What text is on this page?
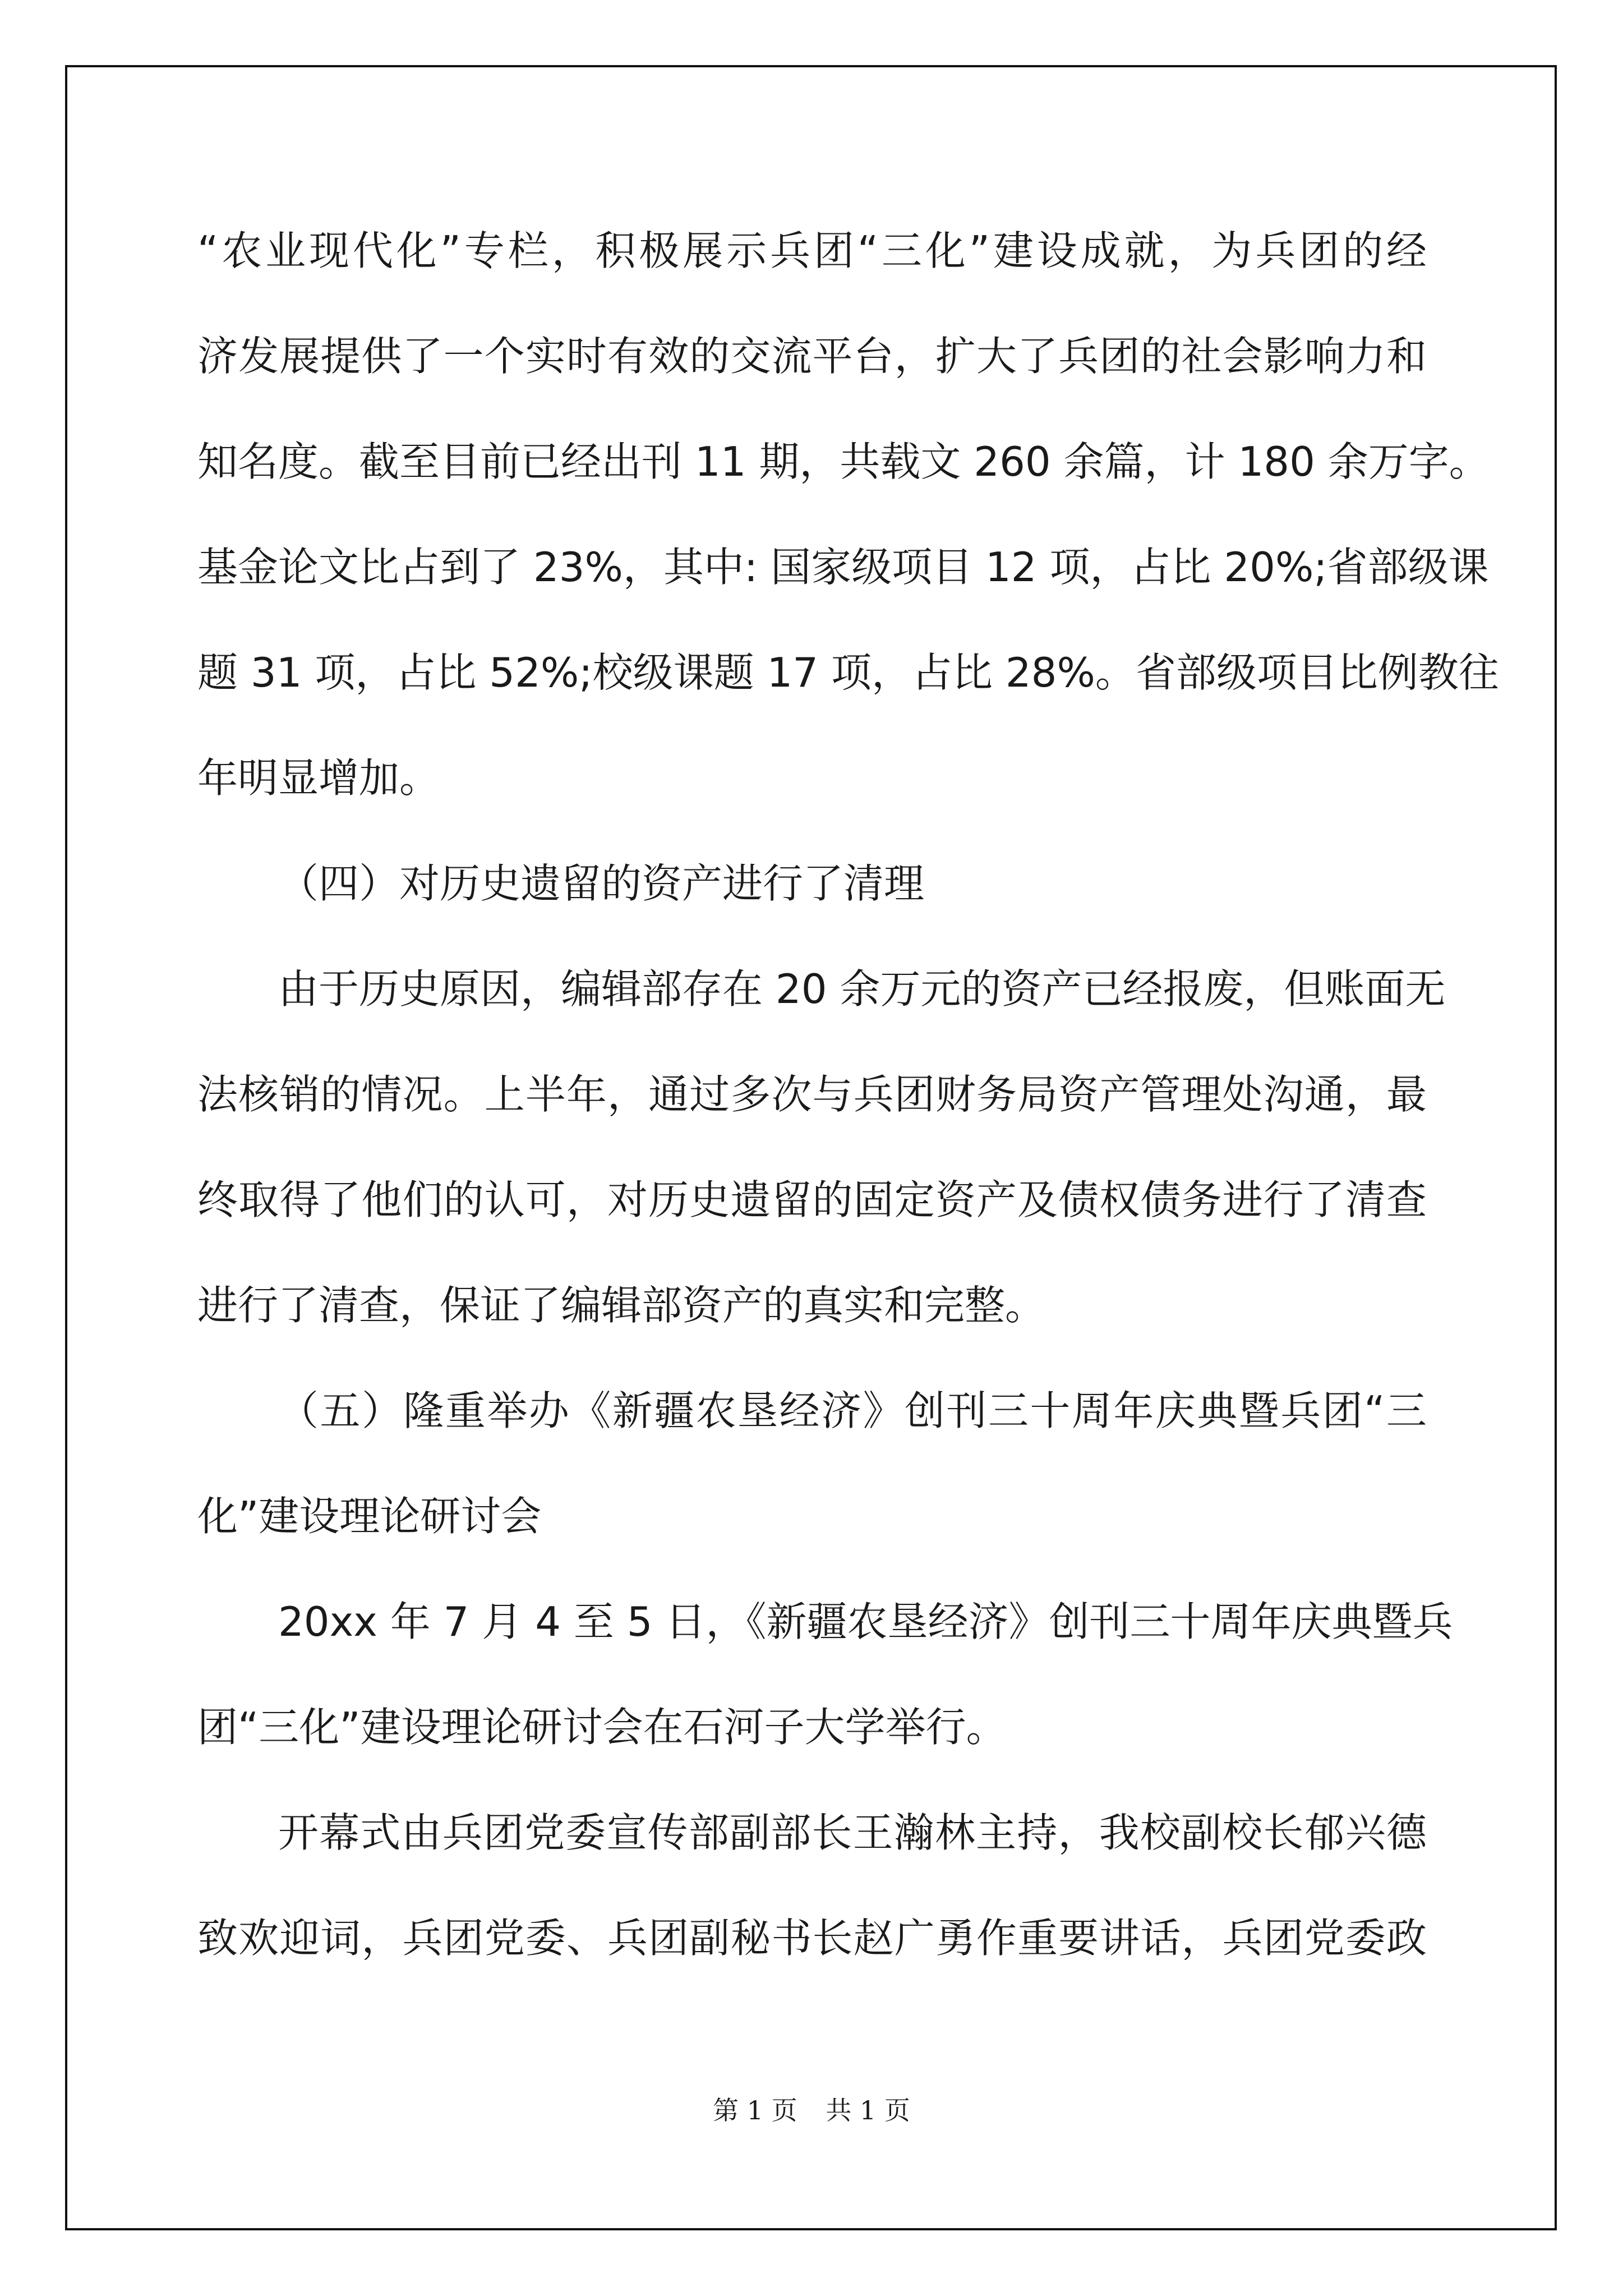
“农业现代化”专栏，积极展示兵团“三化”建设成就，为兵团的经
济发展提供了一个实时有效的交流平台，扩大了兵团的社会影响力和
知名度。截至目前已经出刊 11 期，共载文 260 余篇，计 180 余万字。
基金论文比占到了 23%，其中: 国家级项目 12 项，占比 20%;省部级课
题 31 项，占比 52%;校级课题 17 项，占比 28%。省部级项目比例教往
年明显增加。
（四）对历史遗留的资产进行了清理
由于历史原因，编辑部存在 20 余万元的资产已经报废，但账面无
法核销的情况。上半年，通过多次与兵团财务局资产管理处沟通，最
终取得了他们的认可，对历史遗留的固定资产及债权债务进行了清查
进行了清查，保证了编辑部资产的真实和完整。
（五）隆重举办《新疆农垦经济》创刊三十周年庆典暨兵团“三
化”建设理论研讨会
20xx 年 7 月 4 至 5 日，《新疆农垦经济》创刊三十周年庆典暨兵
团“三化”建设理论研讨会在石河子大学举行。
开幕式由兵团党委宣传部副部长王瀚林主持，我校副校长郁兴德
致欢迎词，兵团党委、兵团副秘书长赵广勇作重要讲话，兵团党委政
第 1 页 共 1 页
